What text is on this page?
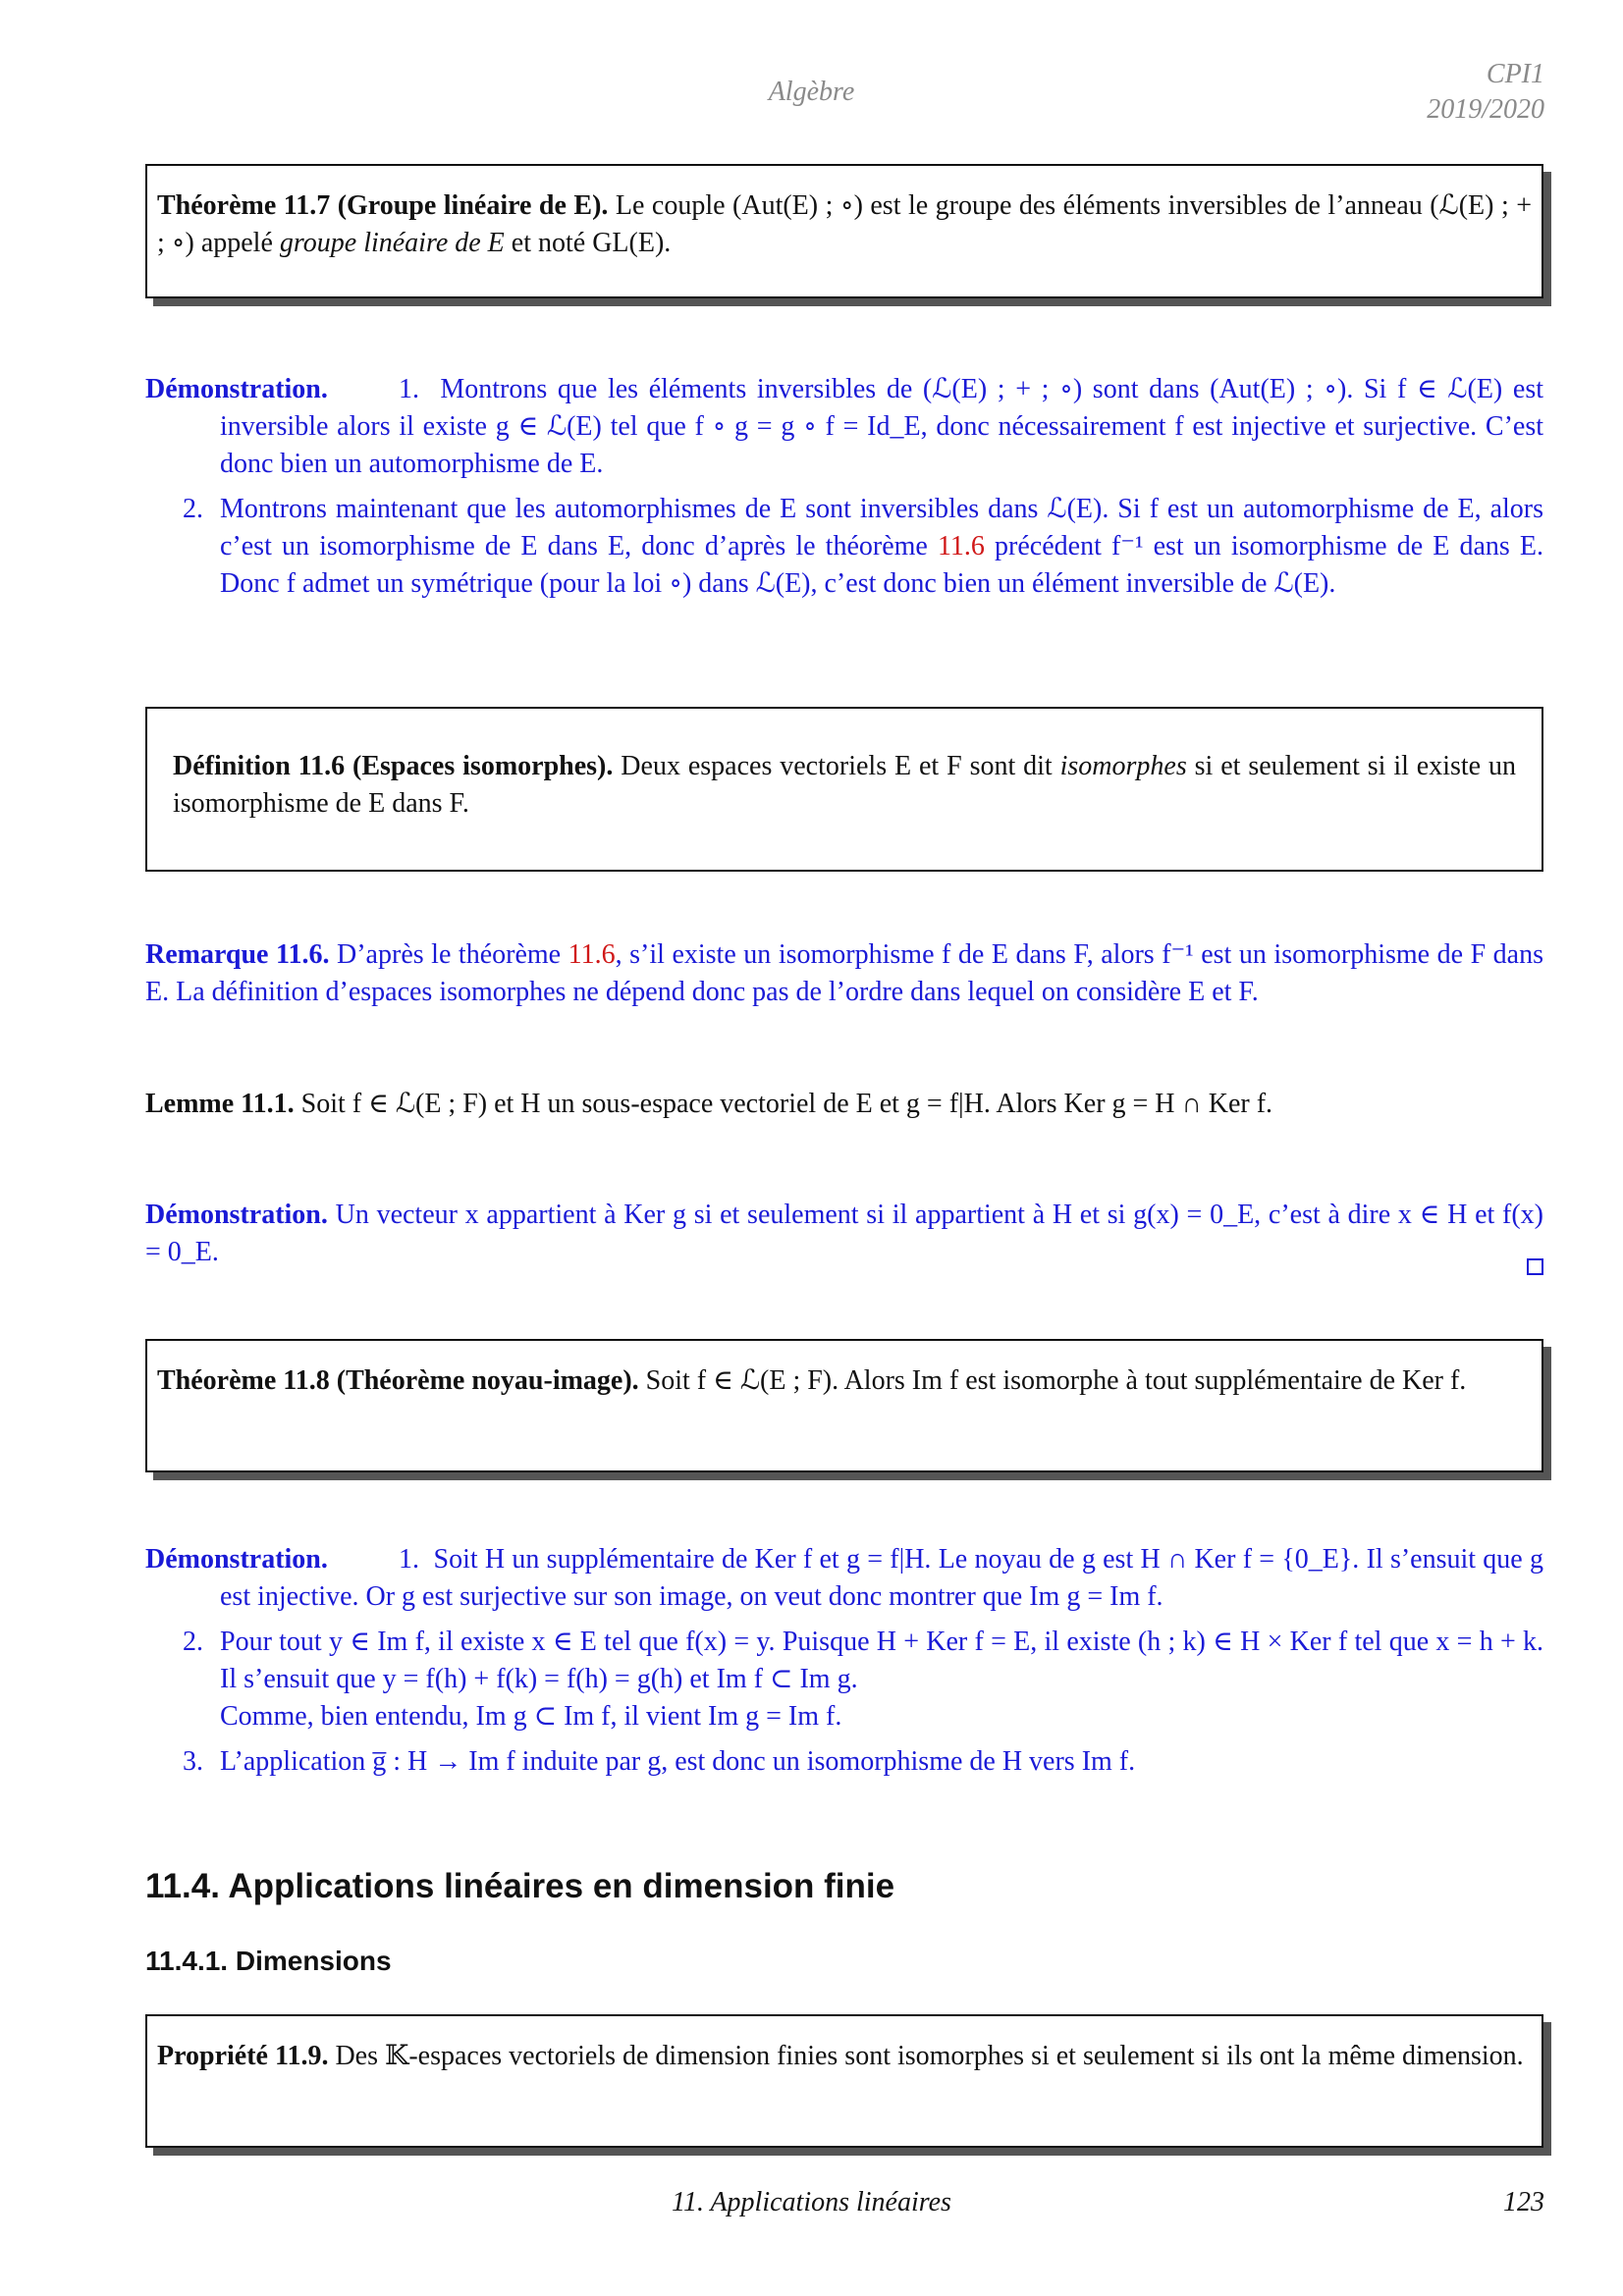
Algèbre
CPI1
2019/2020
Théorème 11.7 (Groupe linéaire de E). Le couple (Aut(E) ; ∘) est le groupe des éléments inversibles de l’anneau (ℒ(E) ; + ; ∘) appelé groupe linéaire de E et noté GL(E).
Démonstration.	1. Montrons que les éléments inversibles de (ℒ(E) ; + ; ∘) sont dans (Aut(E) ; ∘). Si f ∈ ℒ(E) est inversible alors il existe g ∈ ℒ(E) tel que f ∘ g = g ∘ f = Id_E, donc nécessairement f est injective et surjective. C’est donc bien un automorphisme de E.
2. Montrons maintenant que les automorphismes de E sont inversibles dans ℒ(E). Si f est un automorphisme de E, alors c’est un isomorphisme de E dans E, donc d’après le théorème 11.6 précédent f⁻¹ est un isomorphisme de E dans E. Donc f admet un symétrique (pour la loi ∘) dans ℒ(E), c’est donc bien un élément inversible de ℒ(E).
Définition 11.6 (Espaces isomorphes). Deux espaces vectoriels E et F sont dit isomorphes si et seulement si il existe un isomorphisme de E dans F.
Remarque 11.6. D’après le théorème 11.6, s’il existe un isomorphisme f de E dans F, alors f⁻¹ est un isomorphisme de F dans E. La définition d’espaces isomorphes ne dépend donc pas de l’ordre dans lequel on considère E et F.
Lemme 11.1. Soit f ∈ ℒ(E ; F) et H un sous-espace vectoriel de E et g = f|H. Alors Ker g = H ∩ Ker f.
Démonstration. Un vecteur x appartient à Ker g si et seulement si il appartient à H et si g(x) = 0_E, c’est à dire x ∈ H et f(x) = 0_E.
Théorème 11.8 (Théorème noyau-image). Soit f ∈ ℒ(E ; F). Alors Im f est isomorphe à tout supplémentaire de Ker f.
Démonstration.	1. Soit H un supplémentaire de Ker f et g = f|H. Le noyau de g est H ∩ Ker f = {0_E}. Il s’ensuit que g est injective. Or g est surjective sur son image, on veut donc montrer que Im g = Im f.
2. Pour tout y ∈ Im f, il existe x ∈ E tel que f(x) = y. Puisque H + Ker f = E, il existe (h ; k) ∈ H × Ker f tel que x = h + k. Il s’ensuit que y = f(h) + f(k) = f(h) = g(h) et Im f ⊂ Im g.
Comme, bien entendu, Im g ⊂ Im f, il vient Im g = Im f.
3. L’application g̅ : H → Im f induite par g, est donc un isomorphisme de H vers Im f.
11.4. Applications linéaires en dimension finie
11.4.1. Dimensions
Propriété 11.9. Des 𝕂-espaces vectoriels de dimension finies sont isomorphes si et seulement si ils ont la même dimension.
11. Applications linéaires	123
